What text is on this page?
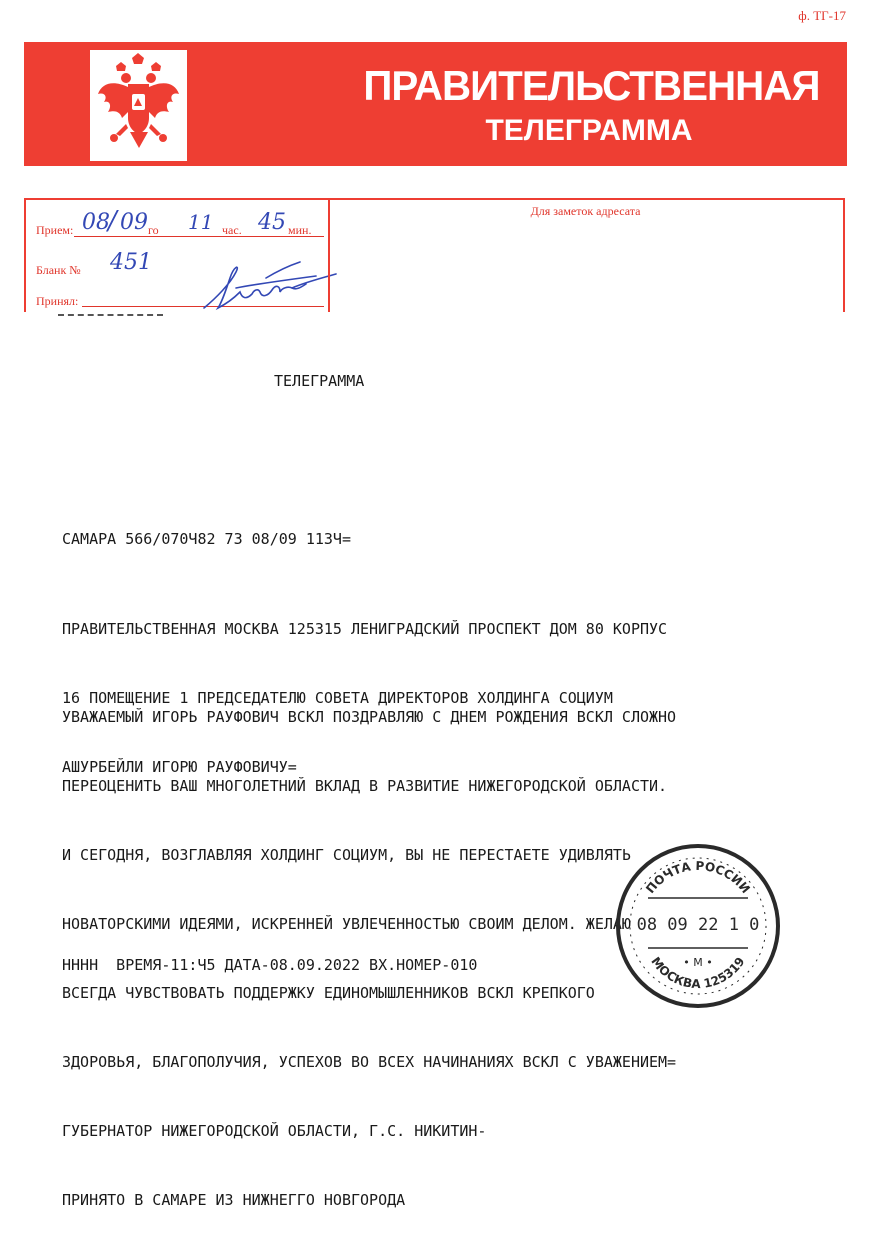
ф. ТГ-17
ПРАВИТЕЛЬСТВЕННАЯ
ТЕЛЕГРАММА
Прием: 08
/ 09 го 11 час. 45 мин.
Бланк № 451
Принял:
Для заметок адресата
ТЕЛЕГРАММА
САМАРА 566/070Ч82 73 08/09 113Ч=

ПРАВИТЕЛЬСТВЕННАЯ МОСКВА 125315 ЛЕНИГРАДСКИЙ ПРОСПЕКТ ДОМ 80 КОРПУС

16 ПОМЕЩЕНИЕ 1 ПРЕДСЕДАТЕЛЮ СОВЕТА ДИРЕКТОРОВ ХОЛДИНГА СОЦИУМ

АШУРБЕЙЛИ ИГОРЮ РАУФОВИЧУ=

УВАЖАЕМЫЙ ИГОРЬ РАУФОВИЧ ВСКЛ ПОЗДРАВЛЯЮ С ДНЕМ РОЖДЕНИЯ ВСКЛ СЛОЖНО

ПЕРЕОЦЕНИТЬ ВАШ МНОГОЛЕТНИЙ ВКЛАД В РАЗВИТИЕ НИЖЕГОРОДСКОЙ ОБЛАСТИ.

И СЕГОДНЯ, ВОЗГЛАВЛЯЯ ХОЛДИНГ СОЦИУМ, ВЫ НЕ ПЕРЕСТАЕТЕ УДИВЛЯТЬ

НОВАТОРСКИМИ ИДЕЯМИ, ИСКРЕННЕЙ УВЛЕЧЕННОСТЬЮ СВОИМ ДЕЛОМ. ЖЕЛАЮ

ВСЕГДА ЧУВСТВОВАТЬ ПОДДЕРЖКУ ЕДИНОМЫШЛЕННИКОВ ВСКЛ КРЕПКОГО

ЗДОРОВЬЯ, БЛАГОПОЛУЧИЯ, УСПЕХОВ ВО ВСЕХ НАЧИНАНИЯХ ВСКЛ С УВАЖЕНИЕМ=

ГУБЕРНАТОР НИЖЕГОРОДСКОЙ ОБЛАСТИ, Г.С. НИКИТИН-

ПРИНЯТО В САМАРЕ ИЗ НИЖНЕГГО НОВГОРОДА

НННН  ВРЕМЯ-11:Ч5 ДАТА-08.09.2022 ВХ.НОМЕР-010
ПОЧТА РОССИИ
08 09 22 1 0
• М •
МОСКВА 125319
